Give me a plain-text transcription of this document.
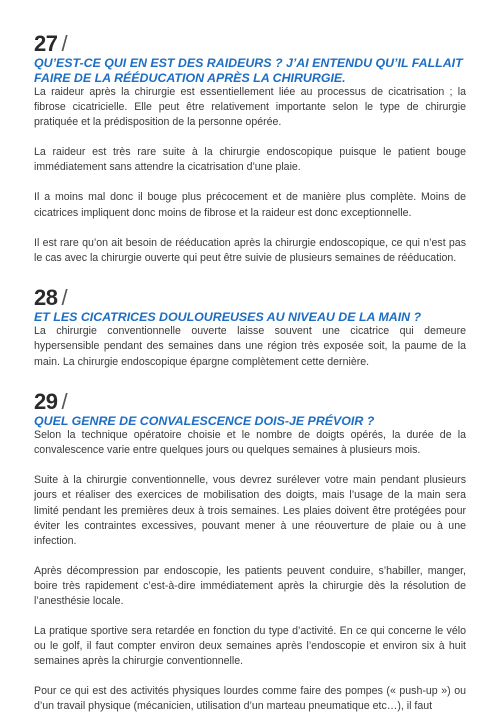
27 /
QU’EST-CE QUI EN EST DES RAIDEURS ? J’AI ENTENDU QU’IL FALLAIT FAIRE DE LA RÉÉDUCATION APRÈS LA CHIRURGIE.

La raideur après la chirurgie est essentiellement liée au processus de cicatrisation ; la fibrose cicatricielle. Elle peut être relativement importante selon le type de chirurgie pratiquée et la prédisposition de la personne opérée.

La raideur est très rare suite à la chirurgie endoscopique puisque le patient bouge immédiatement sans attendre la cicatrisation d’une plaie.

Il a moins mal donc il bouge plus précocement et de manière plus complète. Moins de cicatrices impliquent donc moins de fibrose et la raideur est donc exceptionnelle.

Il est rare qu’on ait besoin de rééducation après la chirurgie endoscopique, ce qui n’est pas le cas avec la chirurgie ouverte qui peut être suivie de plusieurs semaines de rééducation.

28 /
ET LES CICATRICES DOULOUREUSES AU NIVEAU DE LA MAIN ?

La chirurgie conventionnelle ouverte laisse souvent une cicatrice qui demeure hypersensible pendant des semaines dans une région très exposée soit, la paume de la main. La chirurgie endoscopique épargne complètement cette dernière.

29 /
QUEL GENRE DE CONVALESCENCE DOIS-JE PRÉVOIR ?

Selon la technique opératoire choisie et le nombre de doigts opérés, la durée de la convalescence varie entre quelques jours ou quelques semaines à plusieurs mois.

Suite à la chirurgie conventionnelle, vous devrez surélever votre main pendant plusieurs jours et réaliser des exercices de mobilisation des doigts, mais l’usage de la main sera limité pendant les premières deux à trois semaines. Les plaies doivent être protégées pour éviter les contraintes excessives, pouvant mener à une réouverture de plaie ou à une infection.

Après décompression par endoscopie, les patients peuvent conduire, s’habiller, manger, boire très rapidement c’est-à-dire immédiatement après la chirurgie dès la résolution de l’anesthésie locale.

La pratique sportive sera retardée en fonction du type d’activité. En ce qui concerne le vélo ou le golf, il faut compter environ deux semaines après l’endoscopie et environ six à huit semaines après la chirurgie conventionnelle.

Pour ce qui est des activités physiques lourdes comme faire des pompes (« push-up ») ou d’un travail physique (mécanicien, utilisation d’un marteau pneumatique etc…), il faut
